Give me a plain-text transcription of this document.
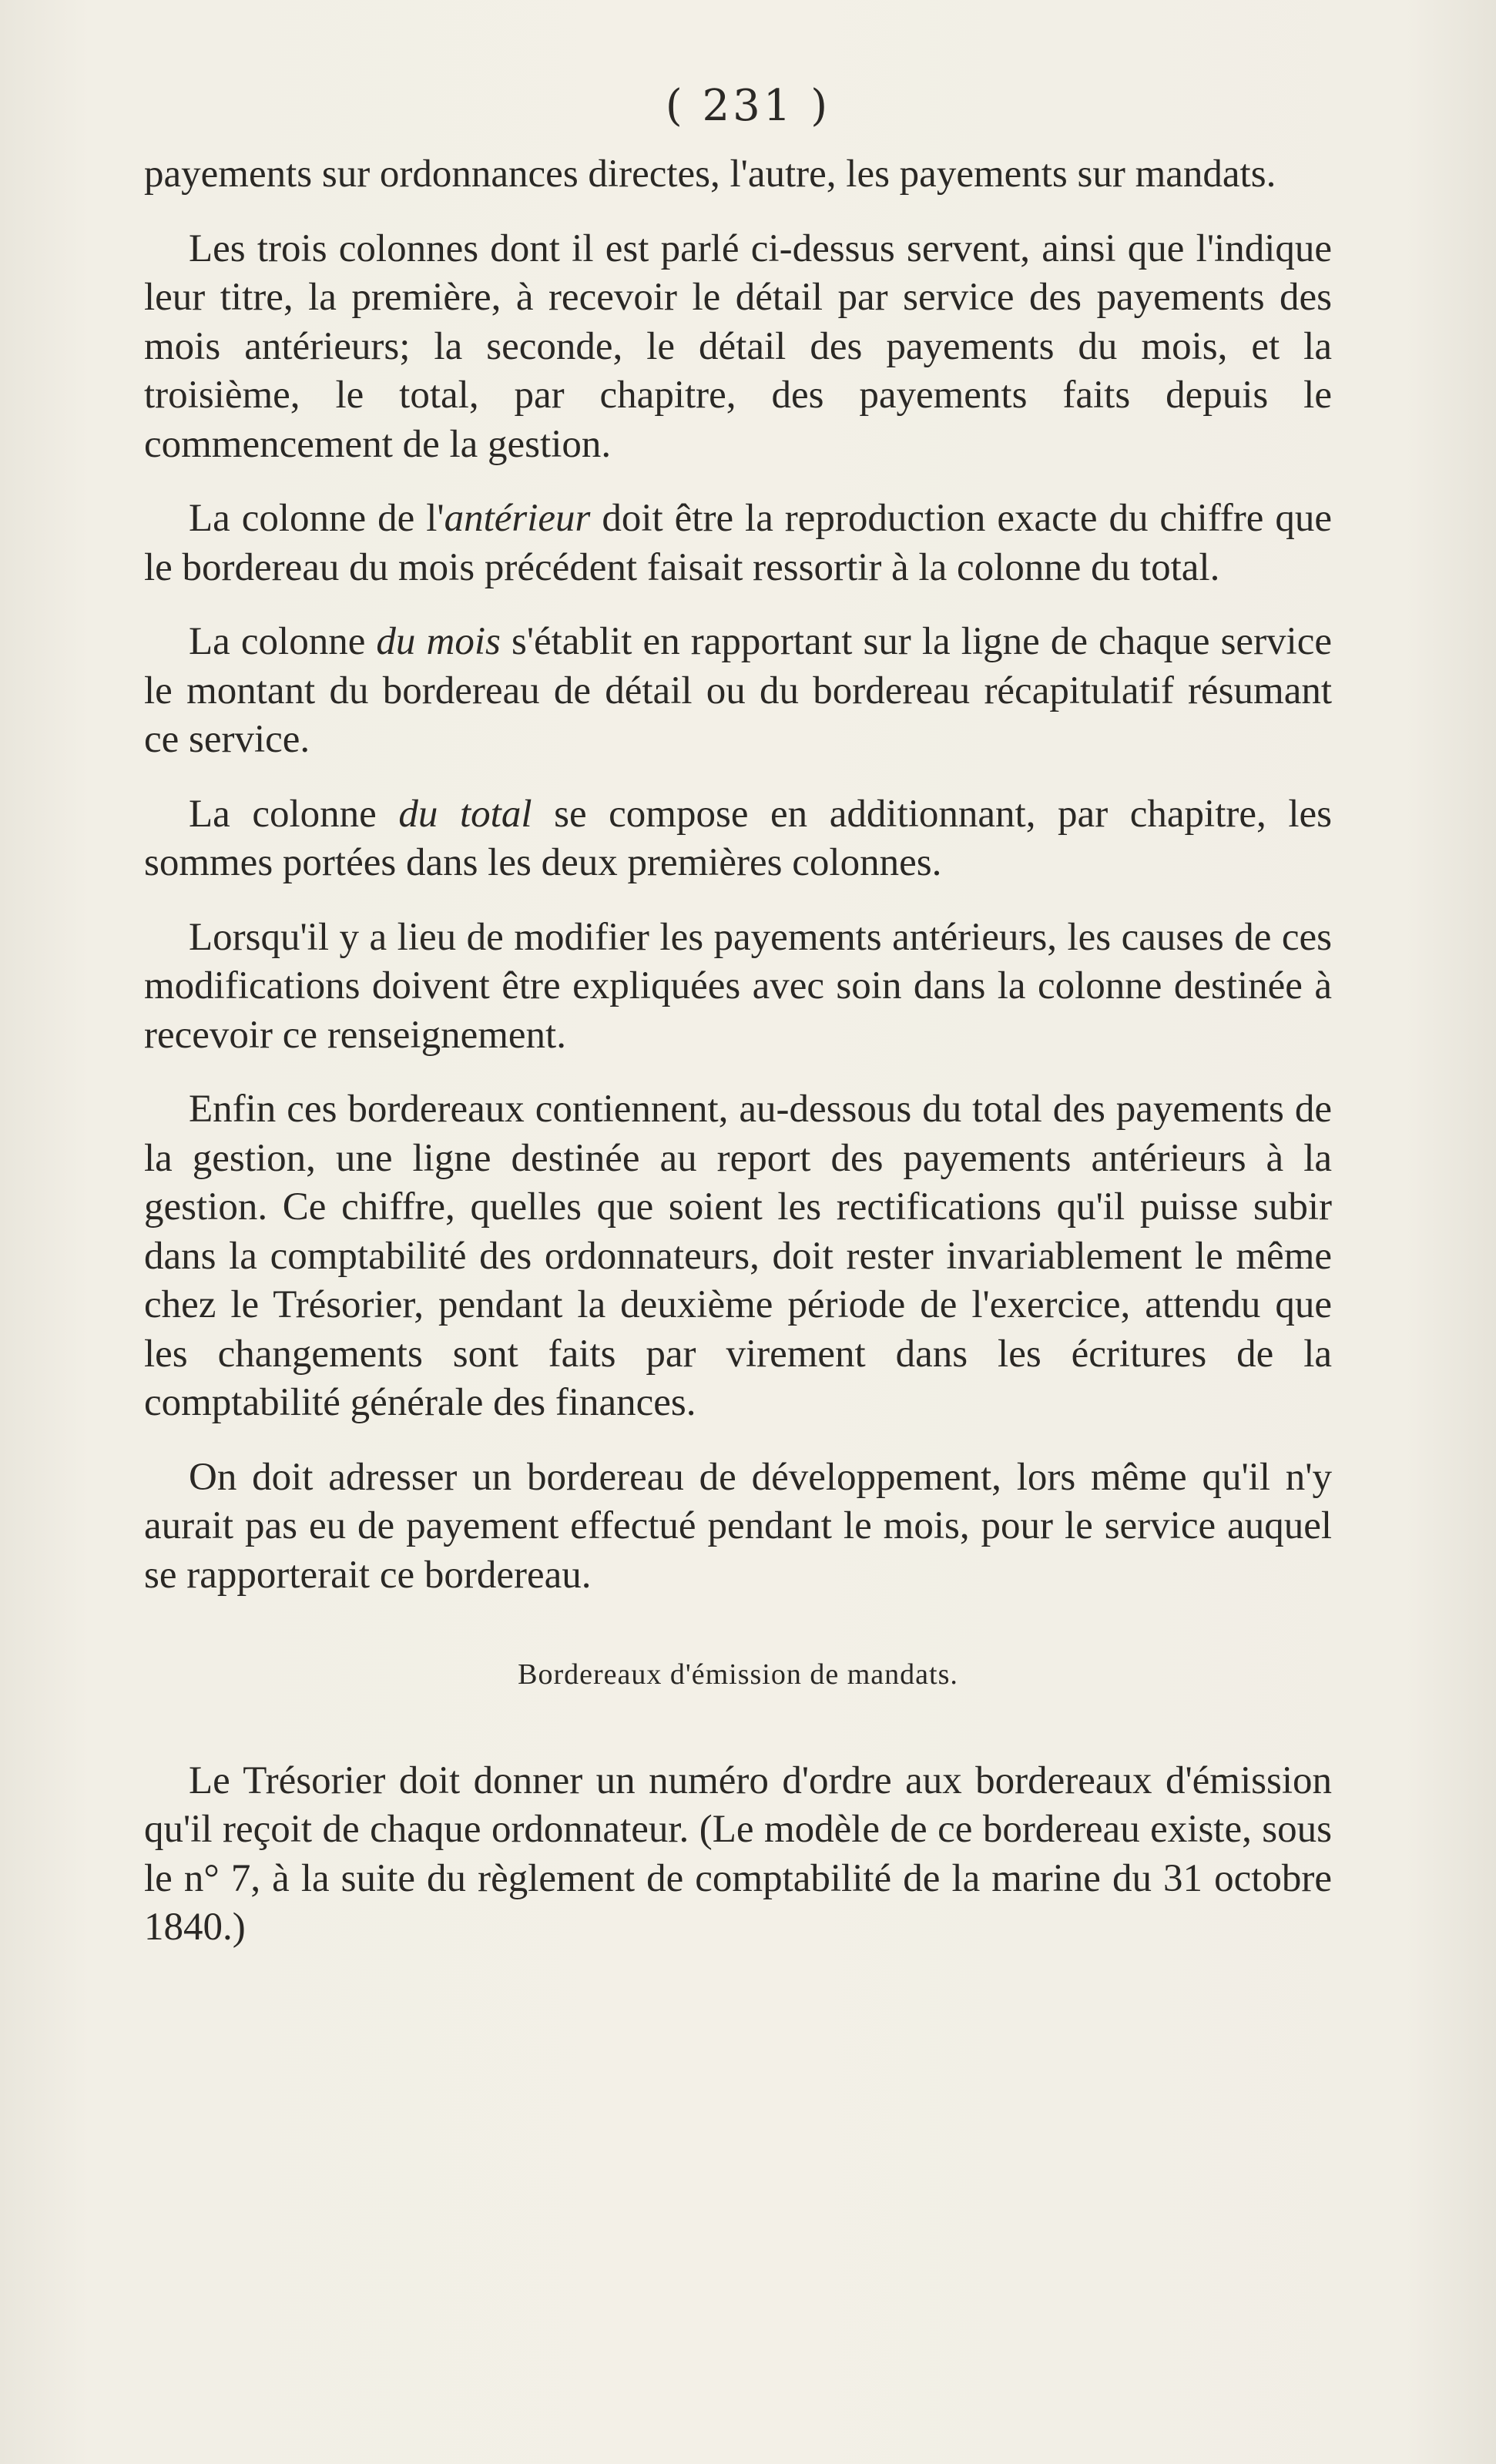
( 231 )

payements sur ordonnances directes, l'autre, les payements sur mandats.

Les trois colonnes dont il est parlé ci-dessus servent, ainsi que l'indique leur titre, la première, à recevoir le détail par service des payements des mois antérieurs; la seconde, le détail des payements du mois, et la troisième, le total, par chapitre, des payements faits depuis le commencement de la gestion.

La colonne de l'antérieur doit être la reproduction exacte du chiffre que le bordereau du mois précédent faisait ressortir à la colonne du total.

La colonne du mois s'établit en rapportant sur la ligne de chaque service le montant du bordereau de détail ou du bordereau récapitulatif résumant ce service.

La colonne du total se compose en additionnant, par chapitre, les sommes portées dans les deux premières colonnes.

Lorsqu'il y a lieu de modifier les payements antérieurs, les causes de ces modifications doivent être expliquées avec soin dans la colonne destinée à recevoir ce renseignement.

Enfin ces bordereaux contiennent, au-dessous du total des payements de la gestion, une ligne destinée au report des payements antérieurs à la gestion. Ce chiffre, quelles que soient les rectifications qu'il puisse subir dans la comptabilité des ordonnateurs, doit rester invariablement le même chez le Trésorier, pendant la deuxième période de l'exercice, attendu que les changements sont faits par virement dans les écritures de la comptabilité générale des finances.

On doit adresser un bordereau de développement, lors même qu'il n'y aurait pas eu de payement effectué pendant le mois, pour le service auquel se rapporterait ce bordereau.

Bordereaux d'émission de mandats.

Le Trésorier doit donner un numéro d'ordre aux bordereaux d'émission qu'il reçoit de chaque ordonnateur. (Le modèle de ce bordereau existe, sous le n° 7, à la suite du règlement de comptabilité de la marine du 31 octobre 1840.)
